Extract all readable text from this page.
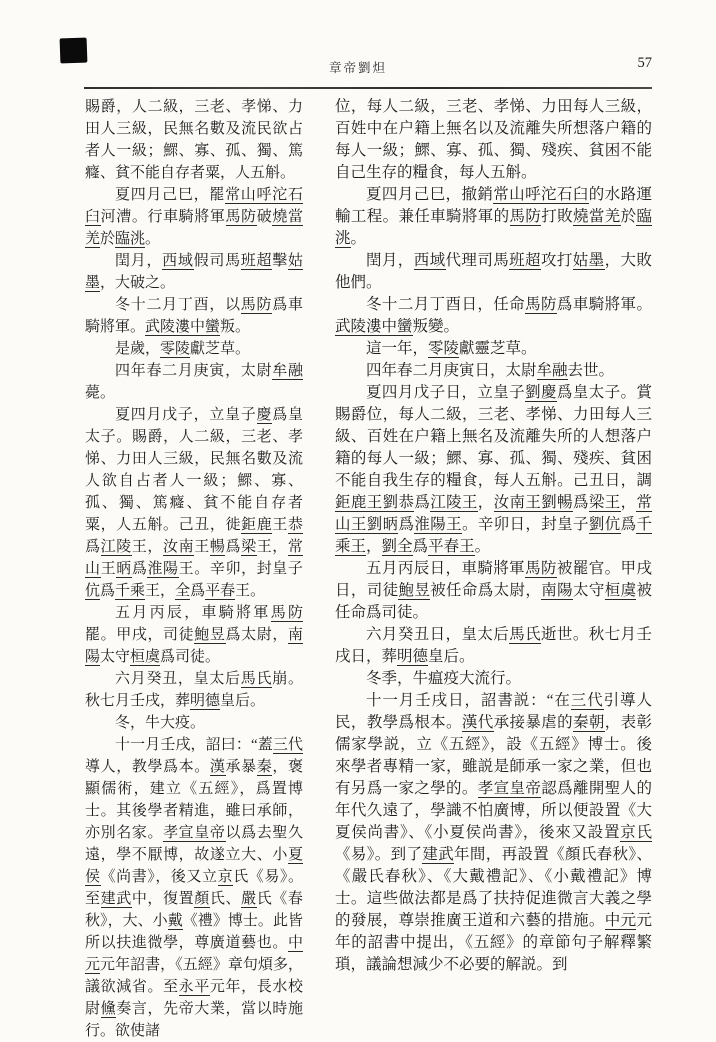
章帝劉炟	57

賜爵，人二級，三老、孝悌、力田人三級，民無名數及流民欲占者人一級；鰥、寡、孤、獨、篤癃、貧不能自存者粟，人五斛。

夏四月己巳，罷常山呼沱石臼河漕。行車騎將軍馬防破燒當羌於臨洮。

閏月，西域假司馬班超擊姑墨，大破之。

冬十二月丁酉，以馬防爲車騎將軍。武陵漊中蠻叛。

是歲，零陵獻芝草。

四年春二月庚寅，太尉牟融薨。

夏四月戊子，立皇子慶爲皇太子。賜爵，人二級，三老、孝悌、力田人三級，民無名數及流人欲自占者人一級；鰥、寡、孤、獨、篤癃、貧不能自存者粟，人五斛。己丑，徙鉅鹿王恭爲江陵王，汝南王暢爲梁王，常山王昞爲淮陽王。辛卯，封皇子伉爲千乘王，全爲平春王。

五月丙辰，車騎將軍馬防罷。甲戌，司徒鮑昱爲太尉，南陽太守桓虞爲司徒。

六月癸丑，皇太后馬氏崩。秋七月壬戌，葬明德皇后。

冬，牛大疫。

十一月壬戌，詔曰：“蓋三代導人，教學爲本。漢承暴秦，褒顯儒術，建立《五經》，爲置博士。其後學者精進，雖曰承師，亦別名家。孝宣皇帝以爲去聖久遠，學不厭博，故遂立大、小夏侯《尚書》，後又立京氏《易》。至建武中，復置顏氏、嚴氏《春秋》，大、小戴《禮》博士。此皆所以扶進微學，尊廣道藝也。中元元年詔書，《五經》章句煩多，議欲減省。至永平元年，長水校尉儵奏言，先帝大業，當以時施行。欲使諸

位，每人二級，三老、孝悌、力田每人三級，百姓中在户籍上無名以及流離失所想落户籍的每人一級；鰥、寡、孤、獨、殘疾、貧困不能自己生存的糧食，每人五斛。

夏四月己巳，撤銷常山呼沱石臼的水路運輸工程。兼任車騎將軍的馬防打敗燒當羌於臨洮。

閏月，西域代理司馬班超攻打姑墨，大敗他們。

冬十二月丁酉日，任命馬防爲車騎將軍。武陵漊中蠻叛變。

這一年，零陵獻靈芝草。

四年春二月庚寅日，太尉牟融去世。

夏四月戊子日，立皇子劉慶爲皇太子。賞賜爵位，每人二級，三老、孝悌、力田每人三級、百姓在户籍上無名及流離失所的人想落户籍的每人一級；鰥、寡、孤、獨、殘疾、貧困不能自我生存的糧食，每人五斛。己丑日，調鉅鹿王劉恭爲江陵王，汝南王劉暢爲梁王，常山王劉昞爲淮陽王。辛卯日，封皇子劉伉爲千乘王，劉全爲平春王。

五月丙辰日，車騎將軍馬防被罷官。甲戌日，司徒鮑昱被任命爲太尉，南陽太守桓虞被任命爲司徒。

六月癸丑日，皇太后馬氏逝世。秋七月壬戌日，葬明德皇后。

冬季，牛瘟疫大流行。

十一月壬戌日，詔書説：“在三代引導人民，教學爲根本。漢代承接暴虐的秦朝，表彰儒家學説，立《五經》，設《五經》博士。後來學者專精一家，雖説是師承一家之業，但也有另爲一家之學的。孝宣皇帝認爲離開聖人的年代久遠了，學識不怕廣博，所以便設置《大夏侯尚書》、《小夏侯尚書》，後來又設置京氏《易》。到了建武年間，再設置《顏氏春秋》、《嚴氏春秋》、《大戴禮記》、《小戴禮記》博士。這些做法都是爲了扶持促進微言大義之學的發展，尊崇推廣王道和六藝的措施。中元元年的詔書中提出，《五經》的章節句子解釋繁瑣，議論想減少不必要的解説。到
